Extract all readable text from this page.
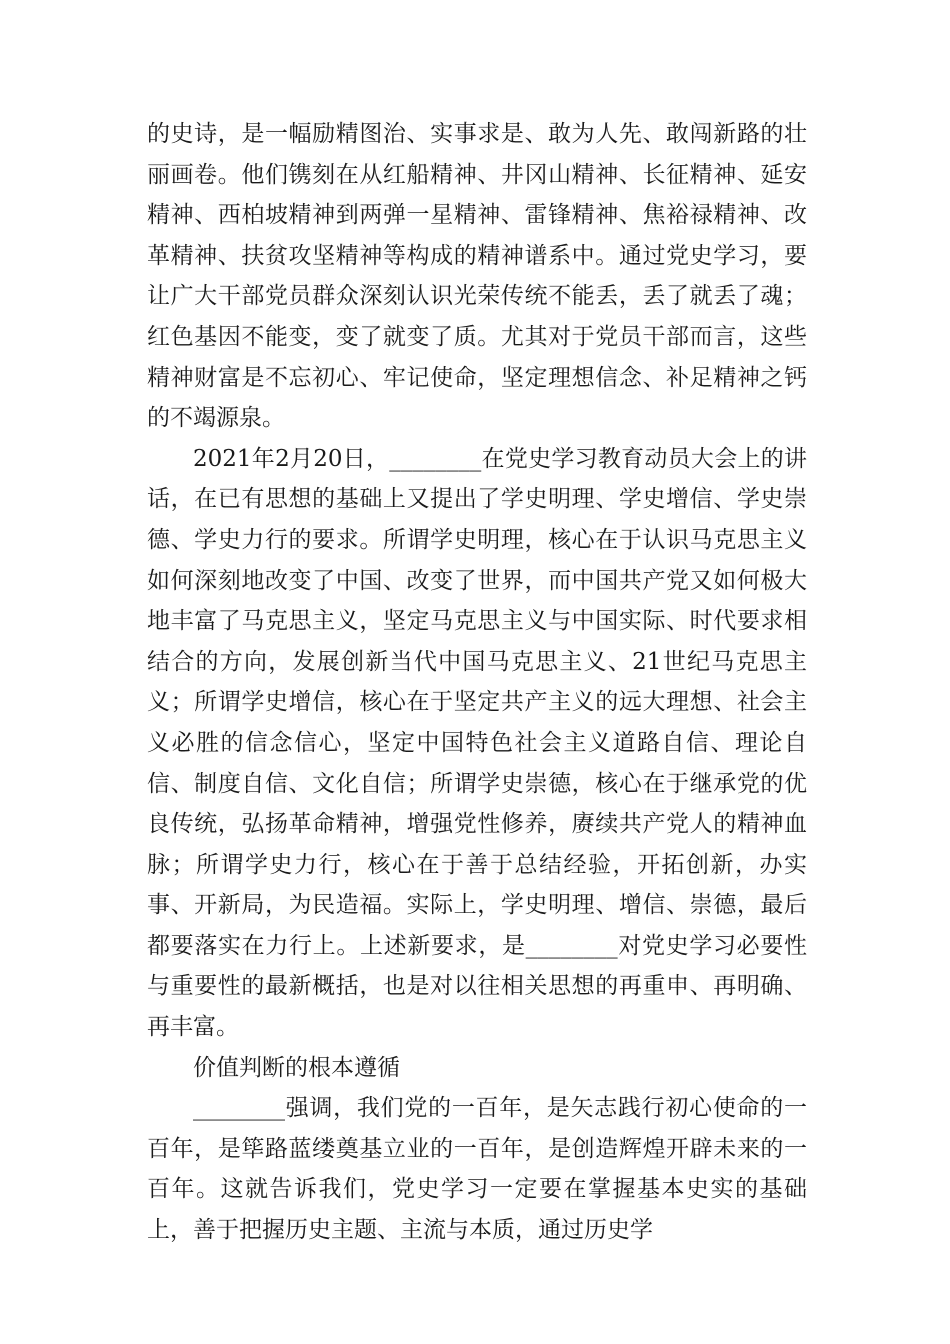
的史诗，是一幅励精图治、实事求是、敢为人先、敢闯新路的壮丽画卷。他们镌刻在从红船精神、井冈山精神、长征精神、延安精神、西柏坡精神到两弹一星精神、雷锋精神、焦裕禄精神、改革精神、扶贫攻坚精神等构成的精神谱系中。通过党史学习，要让广大干部党员群众深刻认识光荣传统不能丢，丢了就丢了魂；红色基因不能变，变了就变了质。尤其对于党员干部而言，这些精神财富是不忘初心、牢记使命，坚定理想信念、补足精神之钙的不竭源泉。

2021年2月20日，________在党史学习教育动员大会上的讲话，在已有思想的基础上又提出了学史明理、学史增信、学史崇德、学史力行的要求。所谓学史明理，核心在于认识马克思主义如何深刻地改变了中国、改变了世界，而中国共产党又如何极大地丰富了马克思主义，坚定马克思主义与中国实际、时代要求相结合的方向，发展创新当代中国马克思主义、21世纪马克思主义；所谓学史增信，核心在于坚定共产主义的远大理想、社会主义必胜的信念信心，坚定中国特色社会主义道路自信、理论自信、制度自信、文化自信；所谓学史崇德，核心在于继承党的优良传统，弘扬革命精神，增强党性修养，赓续共产党人的精神血脉；所谓学史力行，核心在于善于总结经验，开拓创新，办实事、开新局，为民造福。实际上，学史明理、增信、崇德，最后都要落实在力行上。上述新要求，是________对党史学习必要性与重要性的最新概括，也是对以往相关思想的再重申、再明确、再丰富。

价值判断的根本遵循

________强调，我们党的一百年，是矢志践行初心使命的一百年，是筚路蓝缕奠基立业的一百年，是创造辉煌开辟未来的一百年。这就告诉我们，党史学习一定要在掌握基本史实的基础上，善于把握历史主题、主流与本质，通过历史学
